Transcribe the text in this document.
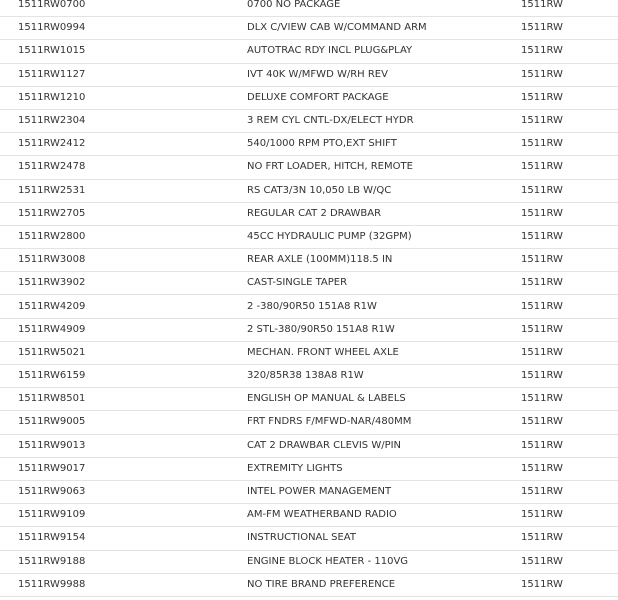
1511RW0700	0700 NO PACKAGE	1511RW
1511RW0994	DLX C/VIEW CAB W/COMMAND ARM	1511RW
1511RW1015	AUTOTRAC RDY INCL PLUG&PLAY	1511RW
1511RW1127	IVT 40K W/MFWD W/RH REV	1511RW
1511RW1210	DELUXE COMFORT PACKAGE	1511RW
1511RW2304	3 REM CYL CNTL-DX/ELECT HYDR	1511RW
1511RW2412	540/1000 RPM PTO,EXT SHIFT	1511RW
1511RW2478	NO FRT LOADER, HITCH, REMOTE	1511RW
1511RW2531	RS CAT3/3N 10,050 LB W/QC	1511RW
1511RW2705	REGULAR CAT 2 DRAWBAR	1511RW
1511RW2800	45CC HYDRAULIC PUMP (32GPM)	1511RW
1511RW3008	REAR AXLE (100MM)118.5 IN	1511RW
1511RW3902	CAST-SINGLE TAPER	1511RW
1511RW4209	2 -380/90R50 151A8 R1W	1511RW
1511RW4909	2 STL-380/90R50 151A8 R1W	1511RW
1511RW5021	MECHAN. FRONT WHEEL AXLE	1511RW
1511RW6159	320/85R38 138A8 R1W	1511RW
1511RW8501	ENGLISH OP MANUAL & LABELS	1511RW
1511RW9005	FRT FNDRS F/MFWD-NAR/480MM	1511RW
1511RW9013	CAT 2 DRAWBAR CLEVIS W/PIN	1511RW
1511RW9017	EXTREMITY LIGHTS	1511RW
1511RW9063	INTEL POWER MANAGEMENT	1511RW
1511RW9109	AM-FM WEATHERBAND RADIO	1511RW
1511RW9154	INSTRUCTIONAL SEAT	1511RW
1511RW9188	ENGINE BLOCK HEATER - 110VG	1511RW
1511RW9988	NO TIRE BRAND PREFERENCE	1511RW
